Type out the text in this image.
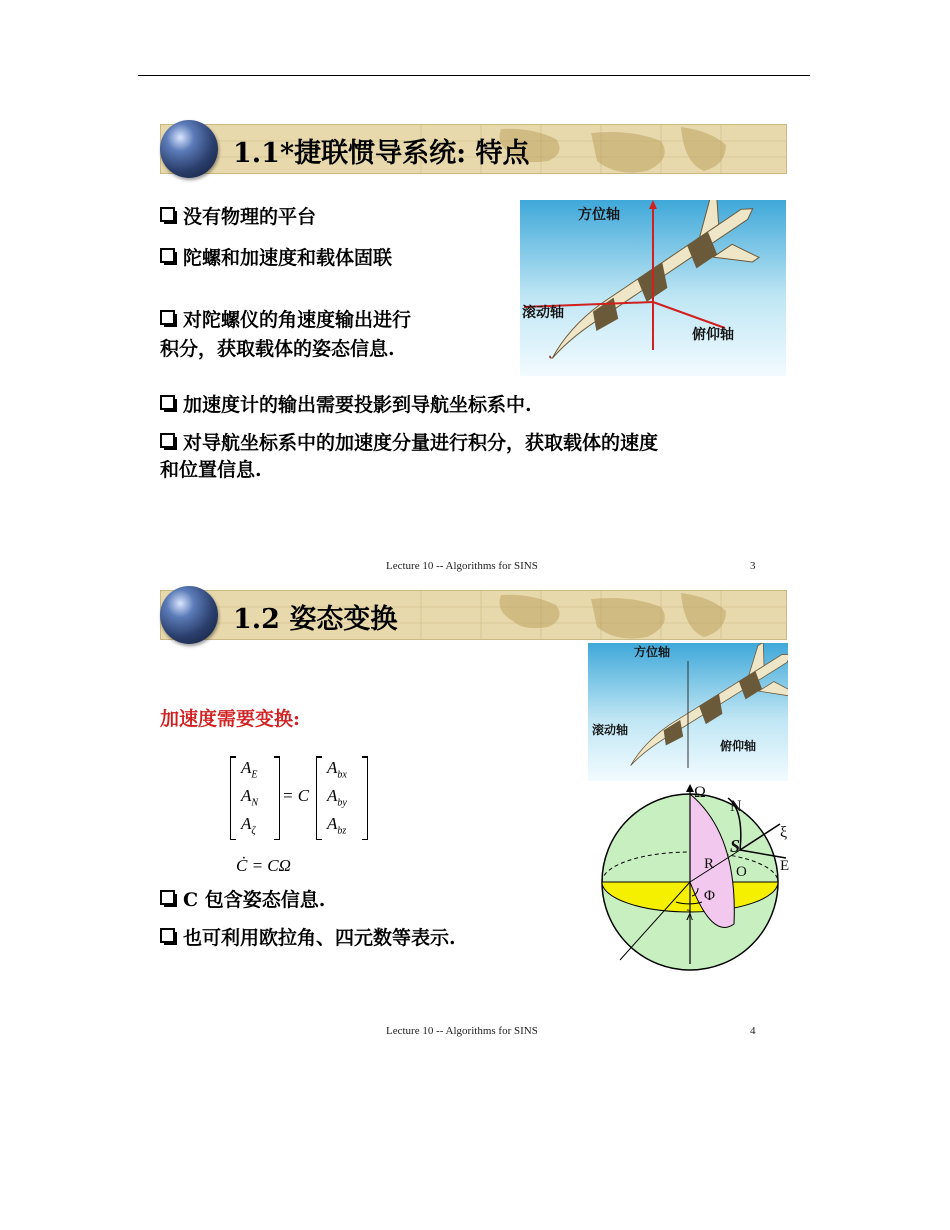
1.1*捷联惯导系统: 特点
没有物理的平台
陀螺和加速度和载体固联
对陀螺仪的角速度输出进行
积分，获取载体的姿态信息.
加速度计的输出需要投影到导航坐标系中.
对导航坐标系中的加速度分量进行积分，获取载体的速度
和位置信息.
方位轴
滚动轴
俯仰轴
Lecture 10 -- Algorithms for SINS	3
1.2 姿态变换
方位轴
滚动轴
俯仰轴
加速度需要变换:
$A_E$
$A_N$
$A_\zeta$
= C
$A_{bx}$
$A_{by}$
$A_{bz}$
Ċ = CΩ
C 包含姿态信息.
也可利用欧拉角、四元数等表示.
Ω
N
ξ
S
R O E
Φ
λ
Lecture 10 -- Algorithms for SINS	4
